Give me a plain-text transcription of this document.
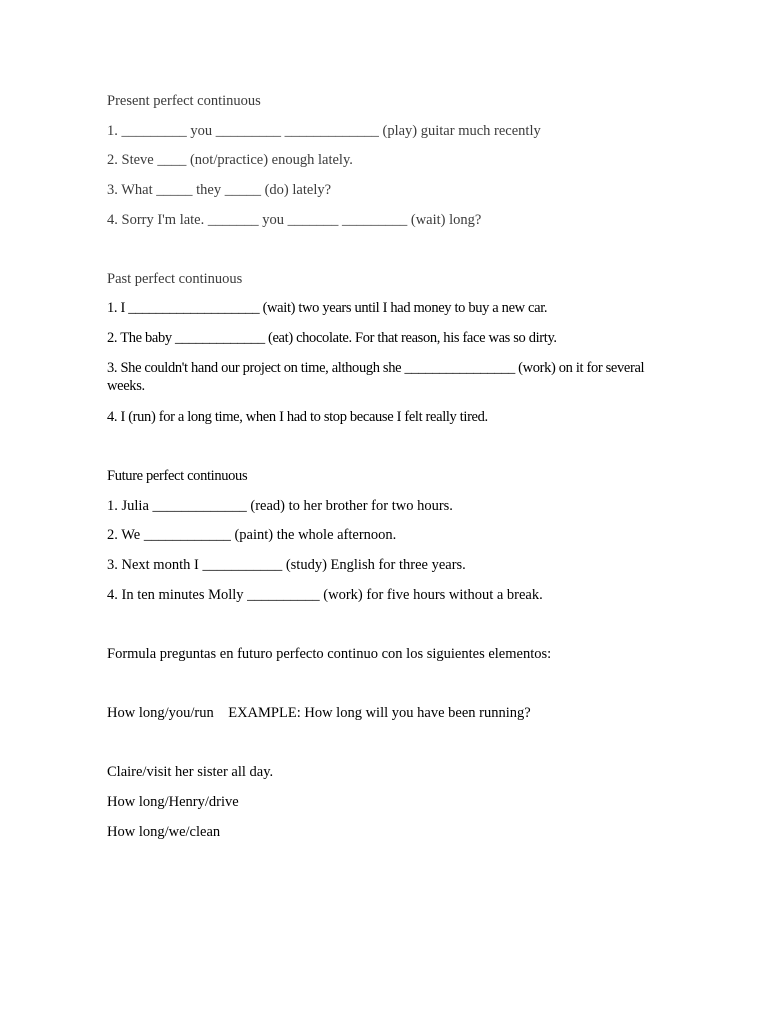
Present perfect continuous
1. _________ you _________ _____________ (play) guitar much recently
2. Steve ____ (not/practice) enough lately.
3. What _____ they _____ (do) lately?
4. Sorry I'm late. _______ you _______ _________ (wait) long?
Past perfect continuous
1. I ___________________ (wait) two years until I had money to buy a new car.
2. The baby _____________ (eat) chocolate. For that reason, his face was so dirty.
3. She couldn't hand our project on time, although she ________________ (work) on it for several weeks.
4. I (run) for a long time, when I had to stop because I felt really tired.
Future perfect continuous
1. Julia _____________ (read) to her brother for two hours.
2. We ____________ (paint) the whole afternoon.
3. Next month I ___________ (study) English for three years.
4. In ten minutes Molly __________ (work) for five hours without a break.
Formula preguntas en futuro perfecto continuo con los siguientes elementos:
How long/you/run    EXAMPLE: How long will you have been running?
Claire/visit her sister all day.
How long/Henry/drive
How long/we/clean
